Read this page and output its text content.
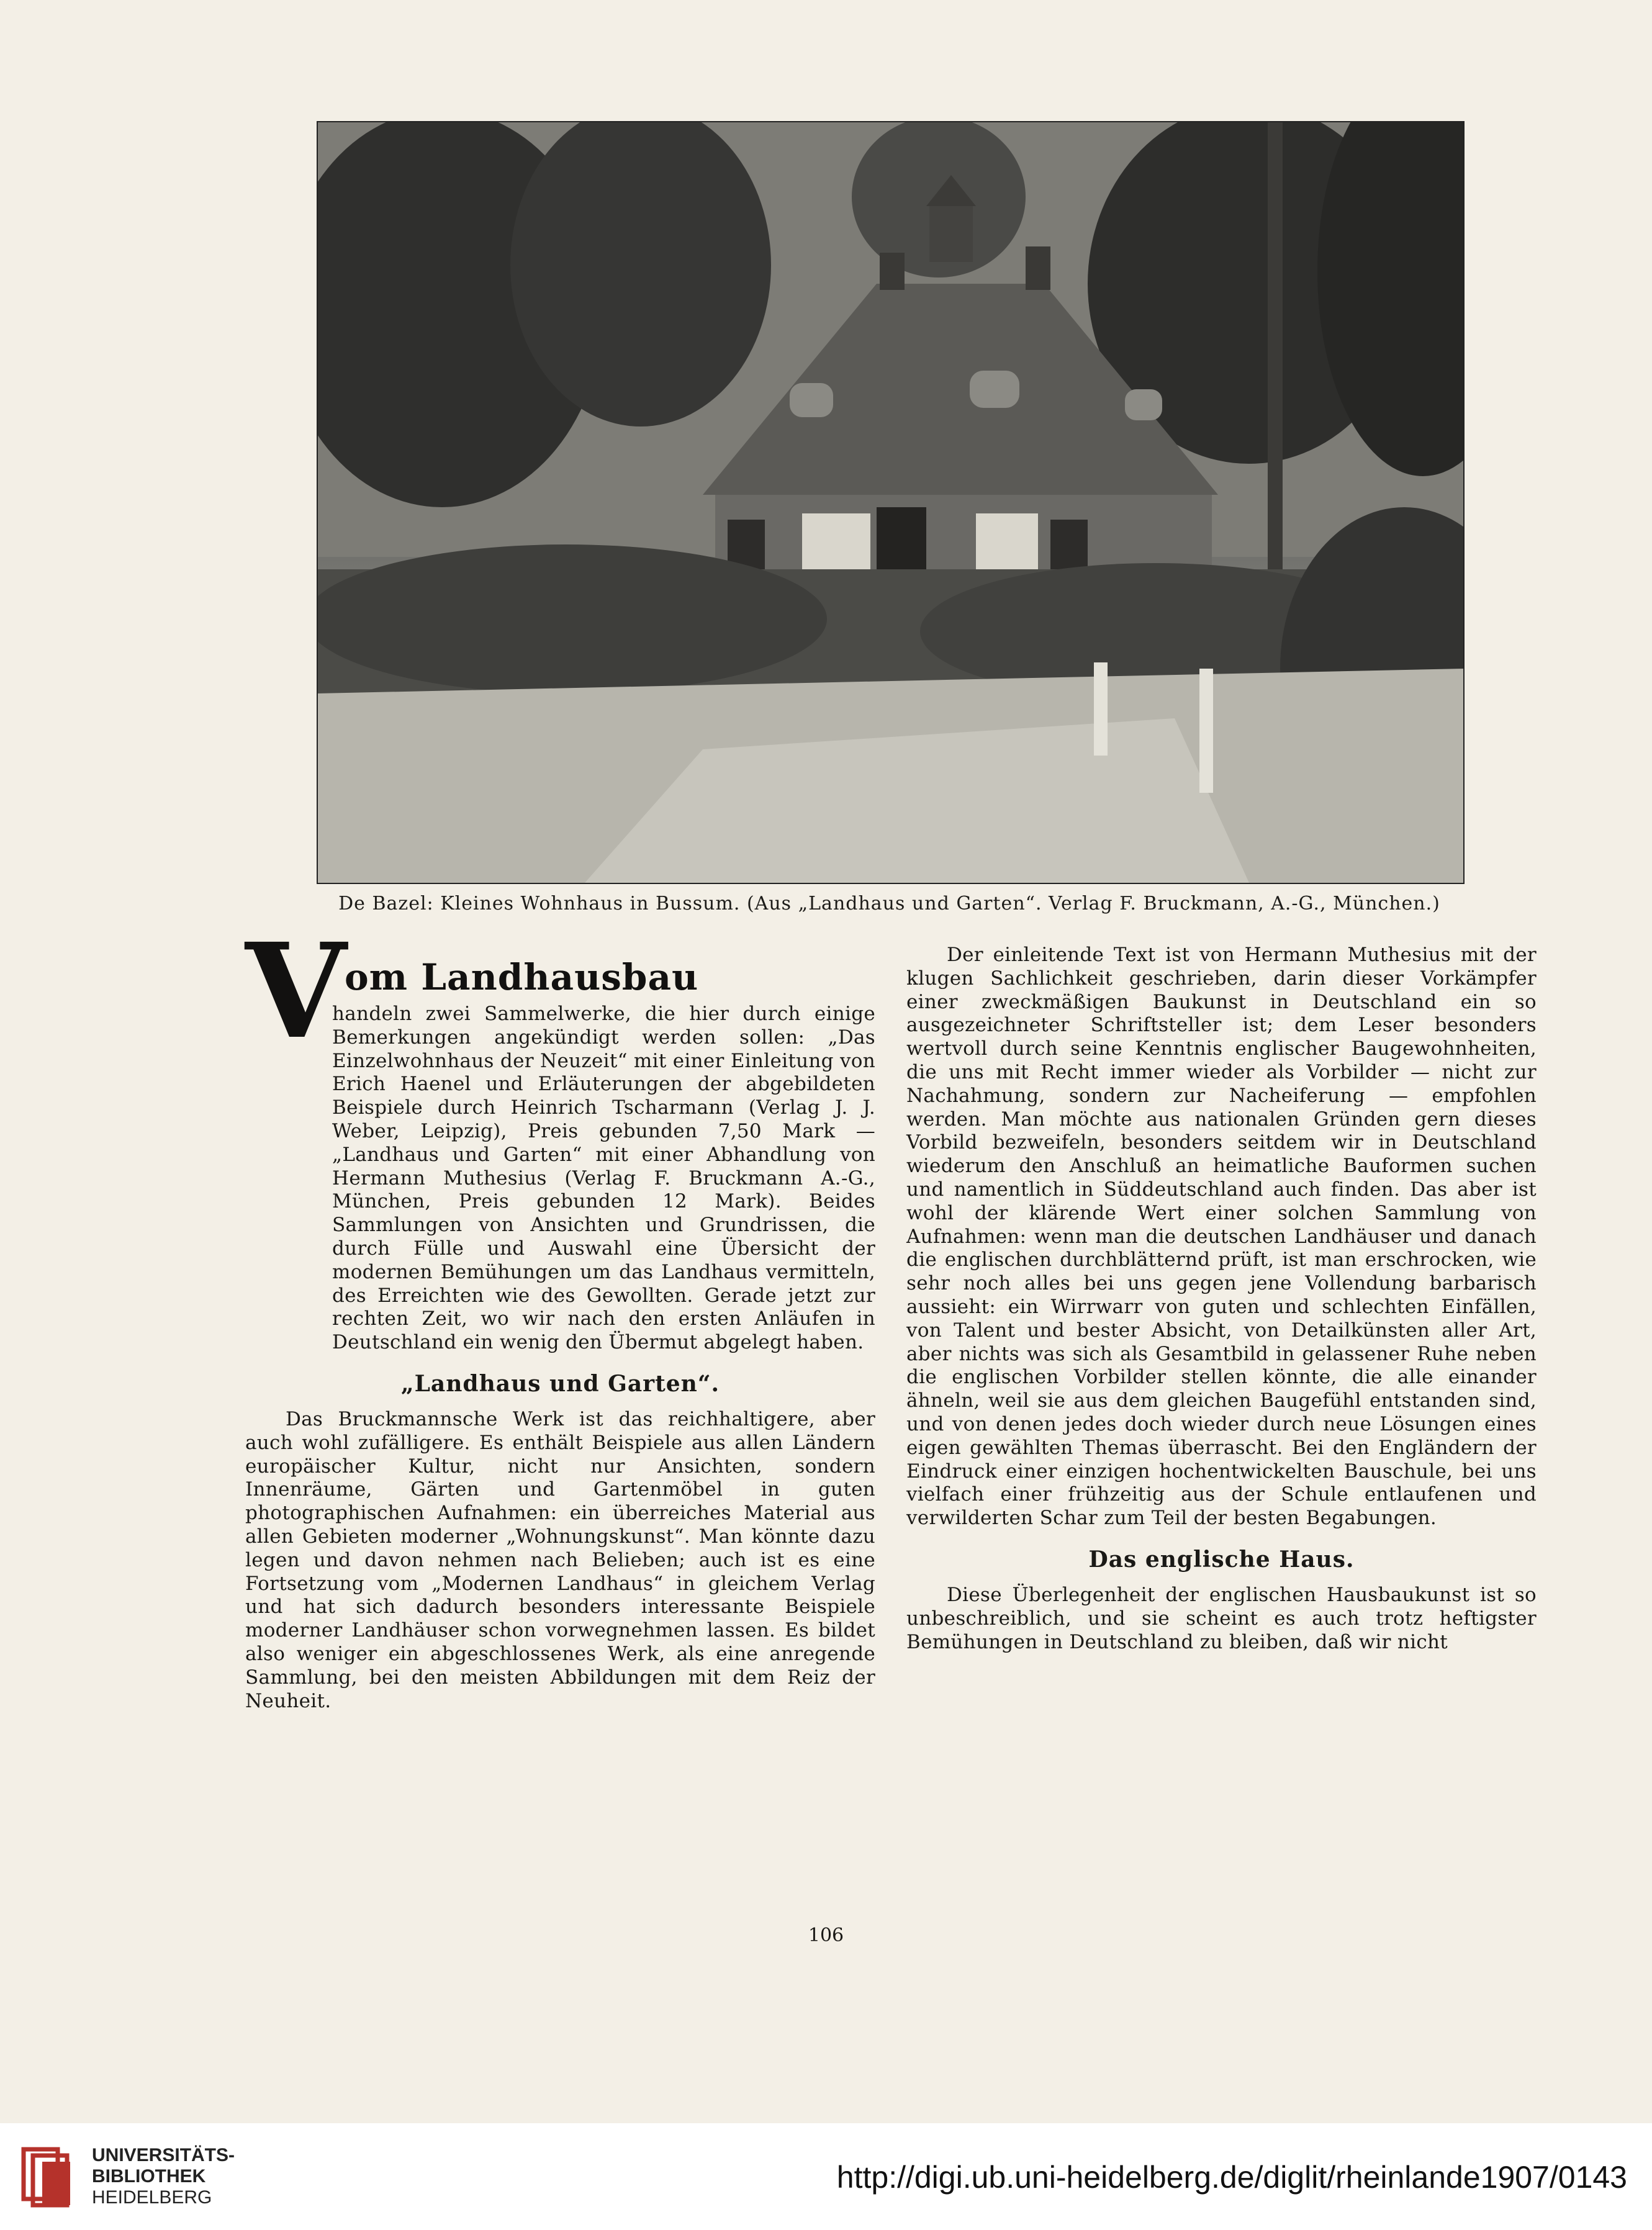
De Bazel: Kleines Wohnhaus in Bussum. (Aus „Landhaus und Garten“. Verlag F. Bruckmann, A.-G., München.)
V
om Landhausbau

handeln zwei Sammelwerke, die hier durch einige Bemerkungen angekündigt werden sollen: „Das Einzelwohnhaus der Neuzeit“ mit einer Einleitung von Erich Haenel und Erläuterungen der abgebildeten Beispiele durch Heinrich Tscharmann (Verlag J. J. Weber, Leipzig), Preis gebunden 7,50 Mark — „Landhaus und Garten“ mit einer Abhandlung von Hermann Muthesius (Verlag F. Bruckmann A.-G., München, Preis gebunden 12 Mark). Beides Sammlungen von Ansichten und Grundrissen, die durch Fülle und Auswahl eine Übersicht der modernen Bemühungen um das Landhaus vermitteln, des Erreichten wie des Gewollten. Gerade jetzt zur rechten Zeit, wo wir nach den ersten Anläufen in Deutschland ein wenig den Übermut abgelegt haben.

„Landhaus und Garten“.

Das Bruckmannsche Werk ist das reichhaltigere, aber auch wohl zufälligere. Es enthält Beispiele aus allen Ländern europäischer Kultur, nicht nur Ansichten, sondern Innenräume, Gärten und Gartenmöbel in guten photographischen Aufnahmen: ein überreiches Material aus allen Gebieten moderner „Wohnungskunst“. Man könnte dazu legen und davon nehmen nach Belieben; auch ist es eine Fortsetzung vom „Modernen Landhaus“ in gleichem Verlag und hat sich dadurch besonders interessante Beispiele moderner Landhäuser schon vorwegnehmen lassen. Es bildet also weniger ein abgeschlossenes Werk, als eine anregende Sammlung, bei den meisten Abbildungen mit dem Reiz der Neuheit.

Der einleitende Text ist von Hermann Muthesius mit der klugen Sachlichkeit geschrieben, darin dieser Vorkämpfer einer zweckmäßigen Baukunst in Deutschland ein so ausgezeichneter Schriftsteller ist; dem Leser besonders wertvoll durch seine Kenntnis englischer Baugewohnheiten, die uns mit Recht immer wieder als Vorbilder — nicht zur Nachahmung, sondern zur Nacheiferung — empfohlen werden. Man möchte aus nationalen Gründen gern dieses Vorbild bezweifeln, besonders seitdem wir in Deutschland wiederum den Anschluß an heimatliche Bauformen suchen und namentlich in Süddeutschland auch finden. Das aber ist wohl der klärende Wert einer solchen Sammlung von Aufnahmen: wenn man die deutschen Landhäuser und danach die englischen durchblätternd prüft, ist man erschrocken, wie sehr noch alles bei uns gegen jene Vollendung barbarisch aussieht: ein Wirrwarr von guten und schlechten Einfällen, von Talent und bester Absicht, von Detailkünsten aller Art, aber nichts was sich als Gesamtbild in gelassener Ruhe neben die englischen Vorbilder stellen könnte, die alle einander ähneln, weil sie aus dem gleichen Baugefühl entstanden sind, und von denen jedes doch wieder durch neue Lösungen eines eigen gewählten Themas überrascht. Bei den Engländern der Eindruck einer einzigen hochentwickelten Bauschule, bei uns vielfach einer frühzeitig aus der Schule entlaufenen und verwilderten Schar zum Teil der besten Begabungen.

Das englische Haus.

Diese Überlegenheit der englischen Hausbaukunst ist so unbeschreiblich, und sie scheint es auch trotz heftigster Bemühungen in Deutschland zu bleiben, daß wir nicht

106
UNIVERSITÄTS-
BIBLIOTHEK
HEIDELBERG
http://digi.ub.uni-heidelberg.de/diglit/rheinlande1907/0143
